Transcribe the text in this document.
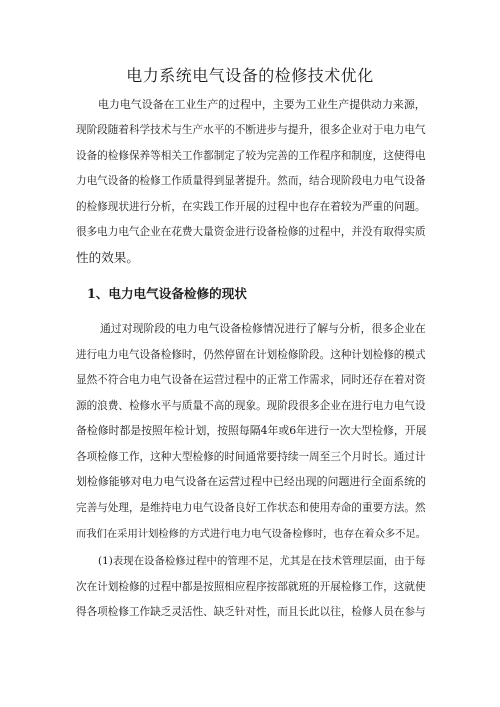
电力系统电气设备的检修技术优化

电力电气设备在工业生产的过程中，主要为工业生产提供动力来源，

现阶段随着科学技术与生产水平的不断进步与提升，很多企业对于电力电气

设备的检修保养等相关工作都制定了较为完善的工作程序和制度，这使得电

力电气设备的检修工作质量得到显著提升。然而，结合现阶段电力电气设备

的检修现状进行分析，在实践工作开展的过程中也存在着较为严重的问题。

很多电力电气企业在花费大量资金进行设备检修的过程中，并没有取得实质

性的效果。

1、电力电气设备检修的现状

通过对现阶段的电力电气设备检修情况进行了解与分析，很多企业在

进行电力电气设备检修时，仍然停留在计划检修阶段。这种计划检修的模式

显然不符合电力电气设备在运营过程中的正常工作需求，同时还存在着对资

源的浪费、检修水平与质量不高的现象。现阶段很多企业在进行电力电气设

备检修时都是按照年检计划，按照每隔4年或6年进行一次大型检修，开展

各项检修工作，这种大型检修的时间通常要持续一周至三个月时长。通过计

划检修能够对电力电气设备在运营过程中已经出现的问题进行全面系统的

完善与处理，是维持电力电气设备良好工作状态和使用寿命的重要方法。然

而我们在采用计划检修的方式进行电力电气设备检修时，也存在着众多不足。

(1)表现在设备检修过程中的管理不足，尤其是在技术管理层面，由于每

次在计划检修的过程中都是按照相应程序按部就班的开展检修工作，这就使

得各项检修工作缺乏灵活性、缺乏针对性，而且长此以往，检修人员在参与
